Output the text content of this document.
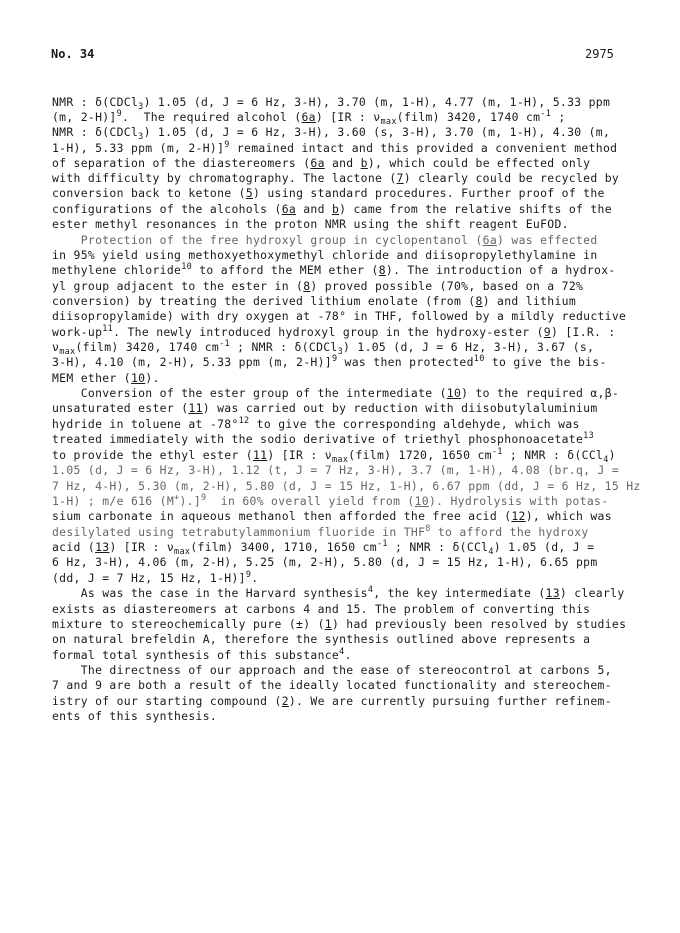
No. 34	2975
NMR : δ(CDCl$_3$) 1.05 (d, J = 6 Hz, 3-H), 3.70 (m, 1-H), 4.77 (m, 1-H), 5.33 ppm
(m, 2-H)]$^9$.  The required alcohol (6a) [IR : $\nu_{max}(film)$ 3420, 1740 $cm^{-1}$ ;
NMR : δ(CDCl$_3$) 1.05 (d, J = 6 Hz, 3-H), 3.60 (s, 3-H), 3.70 (m, 1-H), 4.30 (m,
1-H), 5.33 ppm (m, 2-H)]$^9$ remained intact and this provided a convenient method
of separation of the diastereomers (6a and b), which could be effected only
with difficulty by chromatography. The lactone (7) clearly could be recycled by
conversion back to ketone (5) using standard procedures. Further proof of the
configurations of the alcohols (6a and b) came from the relative shifts of the
ester methyl resonances in the proton NMR using the shift reagent EuFOD.
Protection of the free hydroxyl group in cyclopentanol (6a) was effected
in 95% yield using methoxyethoxymethyl chloride and diisopropylethylamine in
methylene chloride$^{10}$ to afford the MEM ether (8). The introduction of a hydrox-
yl group adjacent to the ester in (8) proved possible (70%, based on a 72%
conversion) by treating the derived lithium enolate (from (8) and lithium
diisopropylamide) with dry oxygen at -78° in THF, followed by a mildly reductive
work-$up^{11}$. The newly introduced hydroxyl group in the hydroxy-ester (9) [I.R. :
$\nu_{max}(film)$ 3420, 1740 $cm^{-1}$ ; NMR : δ(CDCl$_3$) 1.05 (d, J = 6 Hz, 3-H), 3.67 (s,
3-H), 4.10 (m, 2-H), 5.33 ppm (m, 2-H)]$^9$ was then protected$^{10}$ to give the bis-
MEM ether (10).
Conversion of the ester group of the intermediate (10) to the required α,β-
unsaturated ester (11) was carried out by reduction with diisobutylaluminium
hydride in toluene at -78°$^{12}$ to give the corresponding aldehyde, which was
treated immediately with the sodio derivative of triethyl phosphonoacetate$^{13}$
to provide the ethyl ester (11) [IR : $\nu_{max}(film)$ 1720, 1650 $cm^{-1}$ ; NMR : δ(CCl$_4$)
1.05 (d, J = 6 Hz, 3-H), 1.12 (t, J = 7 Hz, 3-H), 3.7 (m, 1-H), 4.08 (br.q, J =
7 Hz, 4-H), 5.30 (m, 2-H), 5.80 (d, J = 15 Hz, 1-H), 6.67 ppm (dd, J = 6 Hz, 15 Hz
1-H) ; m/e 616 (M+).]$^9$  in 60% overall yield from (10). Hydrolysis with potas-
sium carbonate in aqueous methanol then afforded the free acid (12), which was
desilylated using tetrabutylammonium fluoride in THF$^8$ to afford the hydroxy
acid (13) [IR : $\nu_{max}(film)$ 3400, 1710, 1650 $cm^{-1}$ ; NMR : δ(CCl$_4$) 1.05 (d, J =
6 Hz, 3-H), 4.06 (m, 2-H), 5.25 (m, 2-H), 5.80 (d, J = 15 Hz, 1-H), 6.65 ppm
(dd, J = 7 Hz, 15 Hz, 1-H)]$^9$.
As was the case in the Harvard synthesis$^4$, the key intermediate (13) clearly
exists as diastereomers at carbons 4 and 15. The problem of converting this
mixture to stereochemically pure (±) (1) had previously been resolved by studies
on natural brefeldin A, therefore the synthesis outlined above represents a
formal total synthesis of this substance$^4$.
The directness of our approach and the ease of stereocontrol at carbons 5,
7 and 9 are both a result of the ideally located functionality and stereochem-
istry of our starting compound (2). We are currently pursuing further refinem-
ents of this synthesis.
